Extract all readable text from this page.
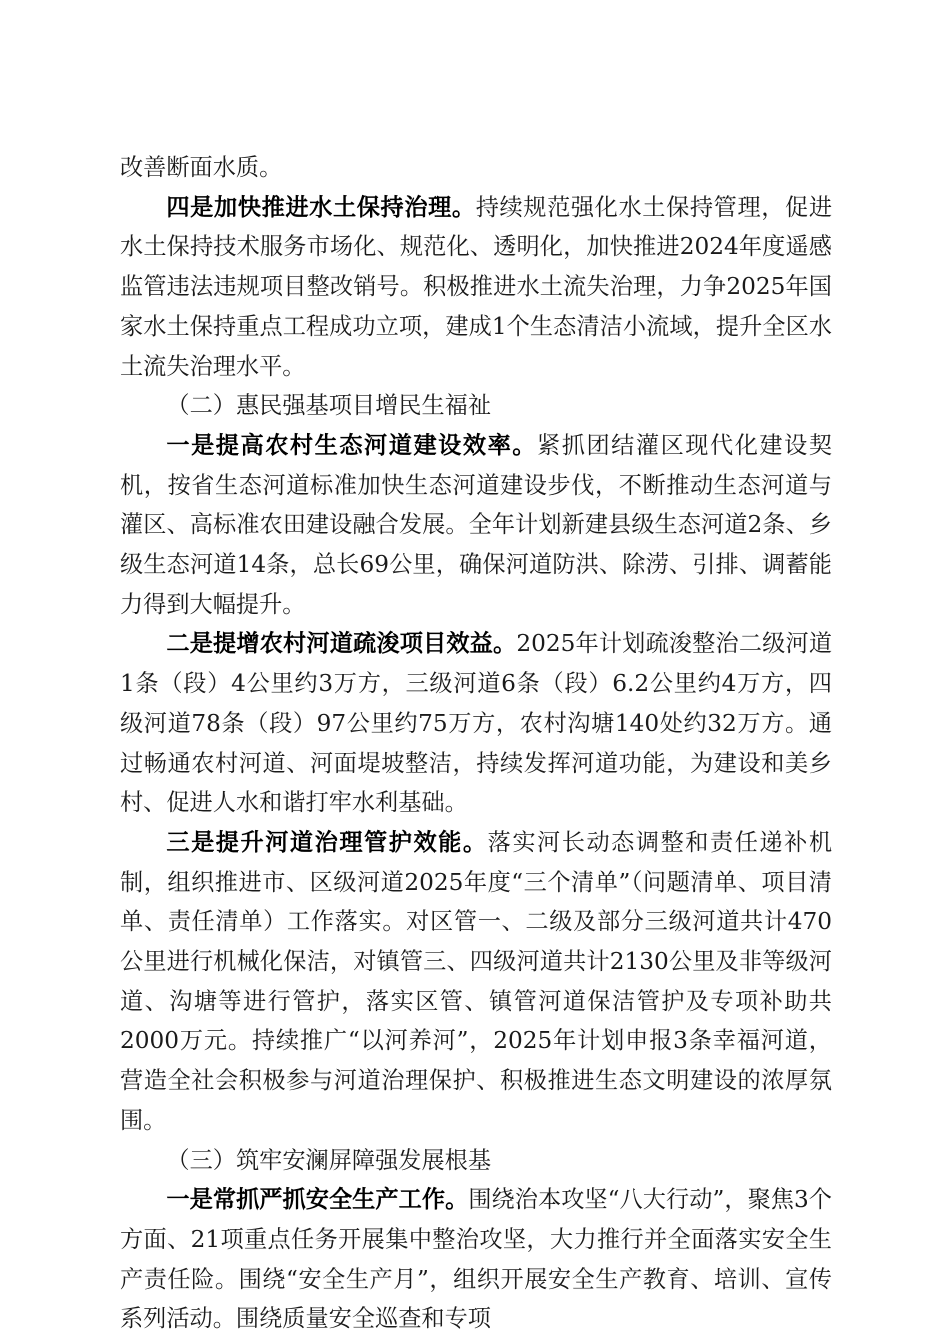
改善断面水质。

四是加快推进水土保持治理。持续规范强化水土保持管理，促进水土保持技术服务市场化、规范化、透明化，加快推进2024年度遥感监管违法违规项目整改销号。积极推进水土流失治理，力争2025年国家水土保持重点工程成功立项，建成1个生态清洁小流域，提升全区水土流失治理水平。

（二）惠民强基项目增民生福祉

一是提高农村生态河道建设效率。紧抓团结灌区现代化建设契机，按省生态河道标准加快生态河道建设步伐，不断推动生态河道与灌区、高标准农田建设融合发展。全年计划新建县级生态河道2条、乡级生态河道14条，总长69公里，确保河道防洪、除涝、引排、调蓄能力得到大幅提升。

二是提增农村河道疏浚项目效益。2025年计划疏浚整治二级河道1条（段）4公里约3万方，三级河道6条（段）6.2公里约4万方，四级河道78条（段）97公里约75万方，农村沟塘140处约32万方。通过畅通农村河道、河面堤坡整洁，持续发挥河道功能，为建设和美乡村、促进人水和谐打牢水利基础。

三是提升河道治理管护效能。落实河长动态调整和责任递补机制，组织推进市、区级河道2025年度“三个清单”（问题清单、项目清单、责任清单）工作落实。对区管一、二级及部分三级河道共计470公里进行机械化保洁，对镇管三、四级河道共计2130公里及非等级河道、沟塘等进行管护，落实区管、镇管河道保洁管护及专项补助共2000万元。持续推广“以河养河”，2025年计划申报3条幸福河道，营造全社会积极参与河道治理保护、积极推进生态文明建设的浓厚氛围。

（三）筑牢安澜屏障强发展根基

一是常抓严抓安全生产工作。围绕治本攻坚“八大行动”，聚焦3个方面、21项重点任务开展集中整治攻坚，大力推行并全面落实安全生产责任险。围绕“安全生产月”，组织开展安全生产教育、培训、宣传系列活动。围绕质量安全巡查和专项
